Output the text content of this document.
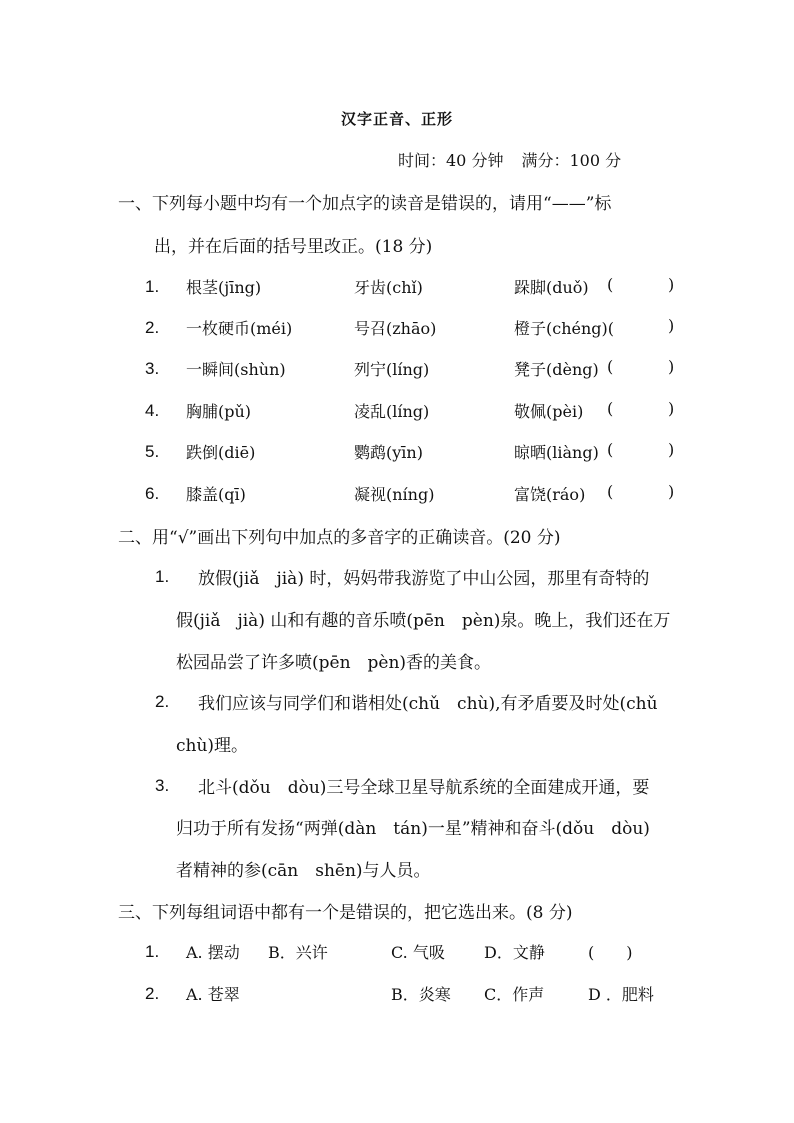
汉字正音、正形
时间：40 分钟 满分：100 分
一、下列每小题中均有一个加点字的读音是错误的，请用“——”标
出，并在后面的括号里改正。(18 分)
1. 根茎(jīng)	牙齿(chǐ)	跺脚(duǒ) (	)
2. 一枚硬币(méi)	号召(zhāo)	橙子(chéng)(	)
3. 一瞬间(shùn)	列宁(líng)	凳子(dèng) (	)
4. 胸脯(pǔ)	凌乱(líng)	敬佩(pèi) (	)
5. 跌倒(diē)	鹦鹉(yīn)	晾晒(liàng) (	)
6. 膝盖(qī)	凝视(níng)	富饶(ráo) (	)
二、用“√”画出下列句中加点的多音字的正确读音。(20 分)
1. 放假(jiǎ　jià) 时，妈妈带我游览了中山公园，那里有奇特的
假(jiǎ　jià) 山和有趣的音乐喷(pēn　pèn)泉。晚上，我们还在万
松园品尝了许多喷(pēn　pèn)香的美食。
2. 我们应该与同学们和谐相处(chǔ　chù),有矛盾要及时处(chǔ
chù)理。
3. 北斗(dǒu　dòu)三号全球卫星导航系统的全面建成开通，要
归功于所有发扬“两弹(dàn　tán)一星”精神和奋斗(dǒu　dòu)
者精神的参(cān　shēn)与人员。
三、下列每组词语中都有一个是错误的，把它选出来。(8 分)
1. A. 摆动 B．兴许	C. 气吸 D．文静	(　　)
2. A. 苍翠	B．炎寒 C．作声	D ．肥料
